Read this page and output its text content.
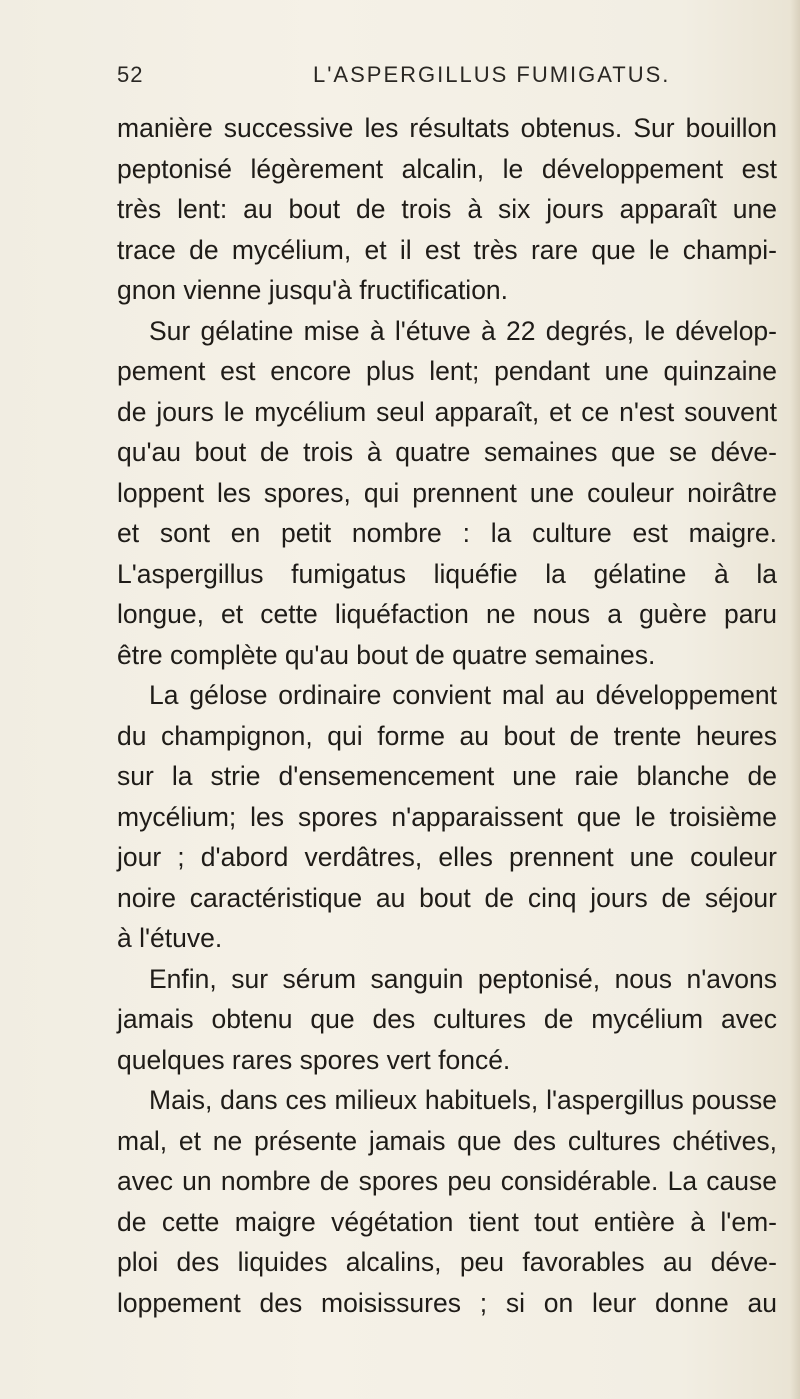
52	L'ASPERGILLUS FUMIGATUS.
manière successive les résultats obtenus. Sur bouillon
peptonisé légèrement alcalin, le développement est
très lent: au bout de trois à six jours apparaît une
trace de mycélium, et il est très rare que le champi-
gnon vienne jusqu'à fructification.
Sur gélatine mise à l'étuve à 22 degrés, le dévelop-
pement est encore plus lent; pendant une quinzaine
de jours le mycélium seul apparaît, et ce n'est souvent
qu'au bout de trois à quatre semaines que se déve-
loppent les spores, qui prennent une couleur noirâtre
et sont en petit nombre : la culture est maigre.
L'aspergillus fumigatus liquéfie la gélatine à la
longue, et cette liquéfaction ne nous a guère paru
être complète qu'au bout de quatre semaines.
La gélose ordinaire convient mal au développement
du champignon, qui forme au bout de trente heures
sur la strie d'ensemencement une raie blanche de
mycélium; les spores n'apparaissent que le troisième
jour ; d'abord verdâtres, elles prennent une couleur
noire caractéristique au bout de cinq jours de séjour
à l'étuve.
Enfin, sur sérum sanguin peptonisé, nous n'avons
jamais obtenu que des cultures de mycélium avec
quelques rares spores vert foncé.
Mais, dans ces milieux habituels, l'aspergillus pousse
mal, et ne présente jamais que des cultures chétives,
avec un nombre de spores peu considérable. La cause
de cette maigre végétation tient tout entière à l'em-
ploi des liquides alcalins, peu favorables au déve-
loppement des moisissures ; si on leur donne au
